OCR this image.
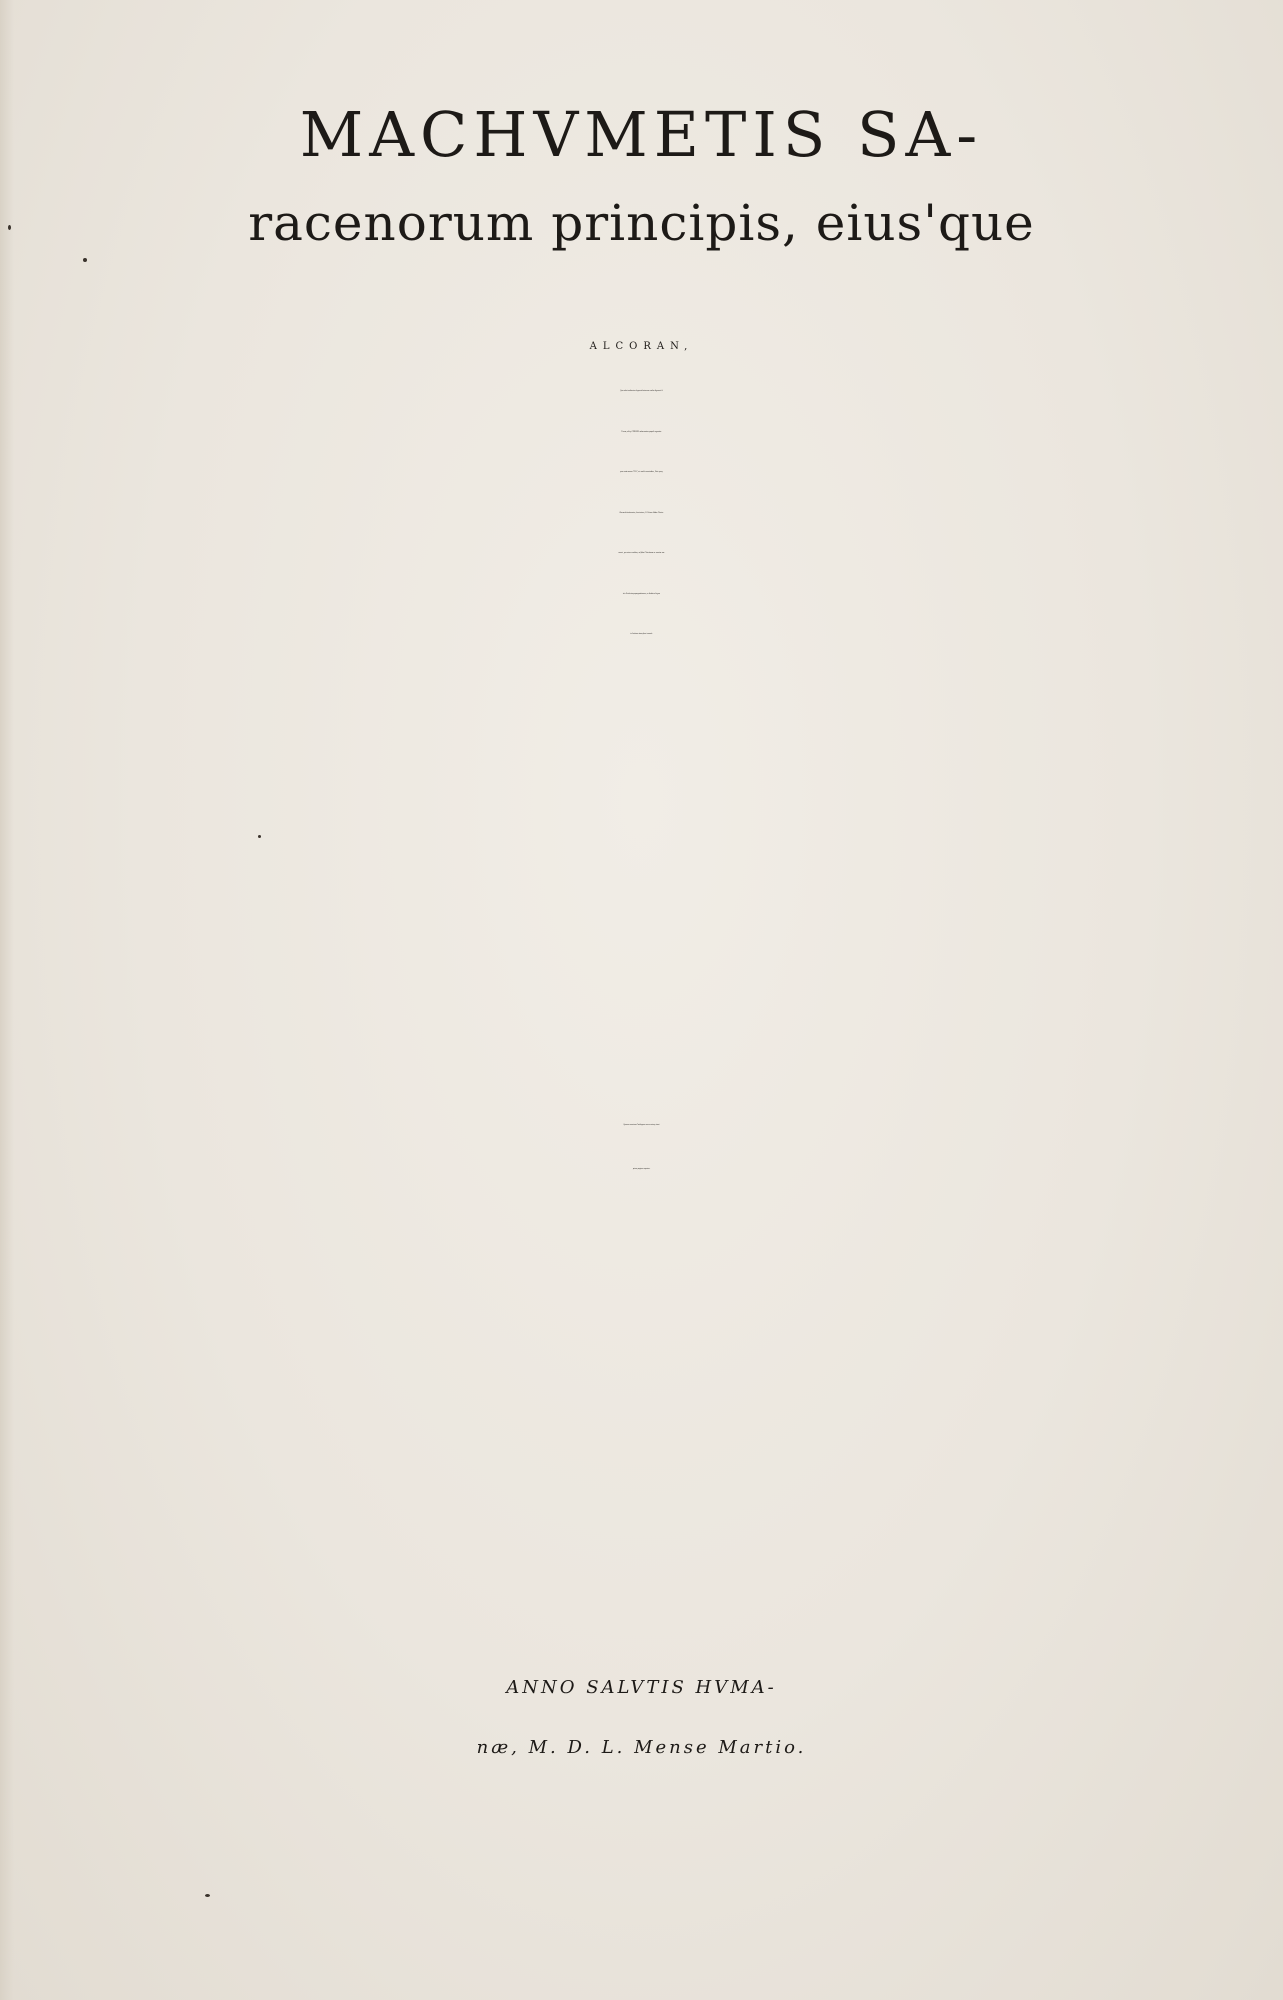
MACHVMETIS SA-
racenorum principis, eius'que
ALCORAN,
Quo uelut authenico legum diuinarum codice Agareni &
Turcæ, aliíq; CHRISTO aduersantes populi reguntur.
quæ ante annos CCCC, uir multis nominibus, Diui quoq;
Bernardi testimonio, clarissimus, D. Petrus Abbas Clunia-
censis, per uiros eruditos, ad fidei Christianæ ac sanctæ ma-
tris Ecclesiæ propugnationem, ex Arabica lingua
in Latinam transferri curauit.
Quorum omnium Catalogum uersa cuiusq; tomi
prima pagina reperies.
ANNO SALVTIS HVMA-
næ, M. D. L. Mense Martio.
